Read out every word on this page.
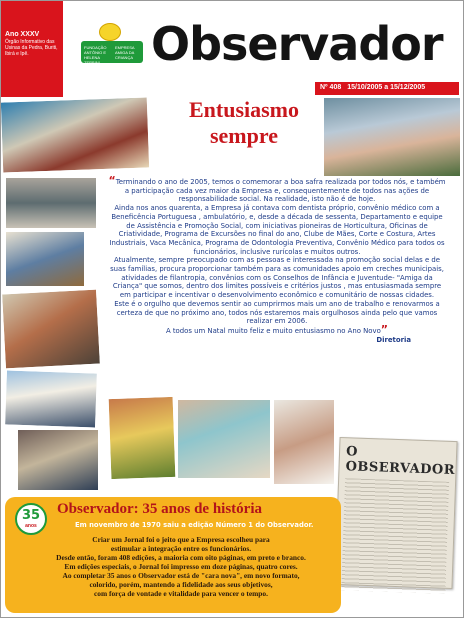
Ano XXXV
Órgão Informativo das Usinas da Pedra, Buriti, Ibirá e Ipê.
FUNDAÇÃO ANTÔNIO E HELENA ZERBINI
EMPRESA AMIGA DA CRIANÇA Observador
Nº 408 15/10/2005 a 15/12/2005
Entusiasmo
sempre

“Terminando o ano de 2005, temos o comemorar a boa safra realizada por todos nós, e também a participação cada vez maior da Empresa e, consequentemente de todos nas ações de responsabilidade social. Na realidade, isto não é de hoje.

Ainda nos anos quarenta, a Empresa já contava com dentista próprio, convênio médico com a Beneficência Portuguesa , ambulatório, e, desde a década de sessenta, Departamento e equipe de Assistência e Promoção Social, com iniciativas pioneiras de Horticultura, Oficinas de Criatividade, Programa de Excursões no final do ano, Clube de Mães, Corte e Costura, Artes Industriais, Vaca Mecânica, Programa de Odontologia Preventiva, Convênio Médico para todos os funcionários, inclusive rurícolas e muitos outros.

Atualmente, sempre preocupado com as pessoas e interessada na promoção social delas e de suas famílias, procura proporcionar também para as comunidades apoio em creches municipais, atividades de filantropia, convênios com os Conselhos de Infância e Juventude- "Amiga da Criança" que somos, dentro dos limites possíveis e critérios justos , mas entusiasmada sempre em participar e incentivar o desenvolvimento econômico e comunitário de nossas cidades.

Este é o orgulho que devemos sentir ao cumprirmos mais um ano de trabalho e renovarmos a certeza de que no próximo ano, todos nós estaremos mais orgulhosos ainda pelo que vamos realizar em 2006.

A todos um Natal muito feliz e muito entusiasmo no Ano Novo”

Diretoria

O OBSERVADOR
35
anos
Observador: 35 anos de história
Em novembro de 1970 saiu a edição Número 1 do Observador.
Criar um Jornal foi o jeito que a Empresa escolheu para
estimular a integração entre os funcionários.
Desde então, foram 408 edições, a maioria com oito páginas, em preto e branco.
Em edições especiais, o Jornal foi impresso em doze páginas, quatro cores.
Ao completar 35 anos o Observador está de "cara nova", em novo formato,
colorido, porém, mantendo a fidelidade aos seus objetivos,
com força de vontade e vitalidade para vencer o tempo.
